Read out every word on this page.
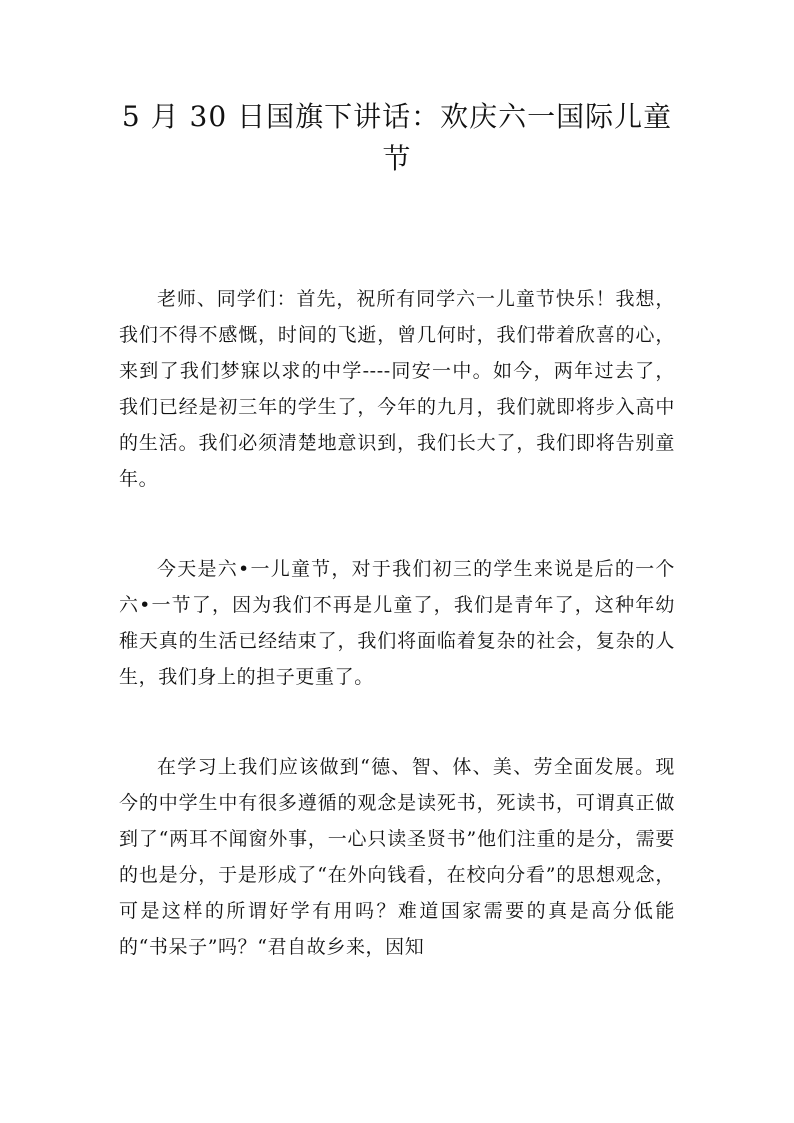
5 月 30 日国旗下讲话：欢庆六一国际儿童节

老师、同学们：首先，祝所有同学六一儿童节快乐！我想，我们不得不感慨，时间的飞逝，曾几何时，我们带着欣喜的心，来到了我们梦寐以求的中学----同安一中。如今，两年过去了，我们已经是初三年的学生了，今年的九月，我们就即将步入高中的生活。我们必须清楚地意识到，我们长大了，我们即将告别童年。

今天是六•一儿童节，对于我们初三的学生来说是后的一个六•一节了，因为我们不再是儿童了，我们是青年了，这种年幼稚天真的生活已经结束了，我们将面临着复杂的社会，复杂的人生，我们身上的担子更重了。

在学习上我们应该做到“德、智、体、美、劳全面发展。现今的中学生中有很多遵循的观念是读死书，死读书，可谓真正做到了“两耳不闻窗外事，一心只读圣贤书”他们注重的是分，需要的也是分，于是形成了“在外向钱看，在校向分看”的思想观念，可是这样的所谓好学有用吗？难道国家需要的真是高分低能的“书呆子”吗？“君自故乡来，因知
